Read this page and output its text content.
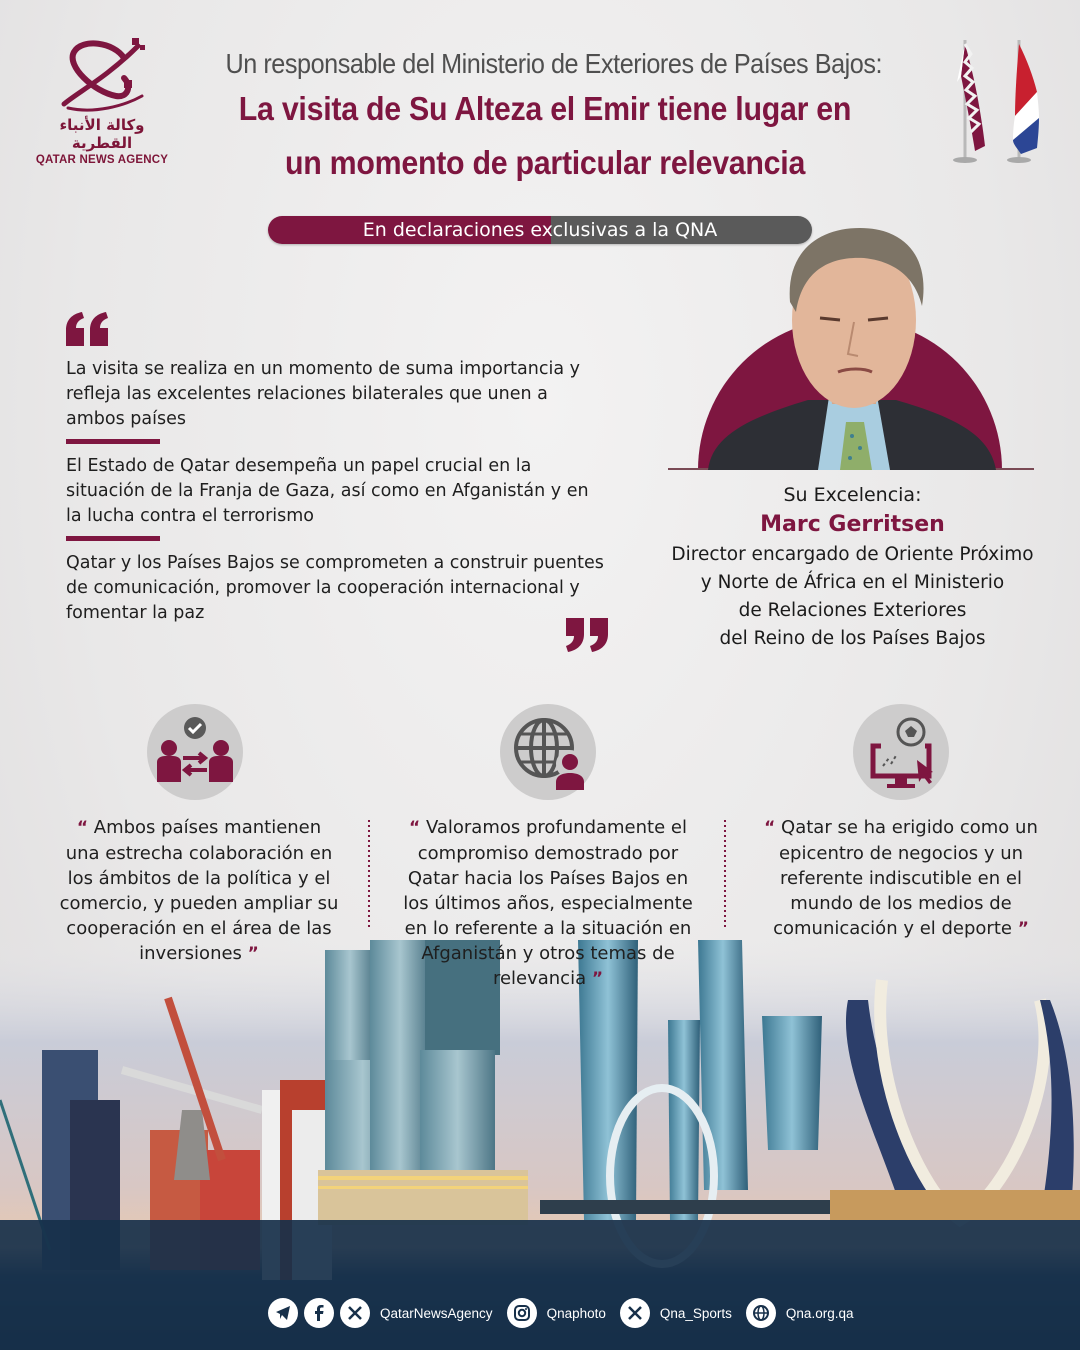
وكالة الأنباء القطرية
QATAR NEWS AGENCY
Un responsable del Ministerio de Exteriores de Países Bajos:
La visita de Su Alteza el Emir tiene lugar en
un momento de particular relevancia
En declaraciones exclusivas a la QNA
La visita se realiza en un momento de suma importancia y refleja las excelentes relaciones bilaterales que unen a ambos países
El Estado de Qatar desempeña un papel crucial en la situación de la Franja de Gaza, así como en Afganistán y en la lucha contra el terrorismo
Qatar y los Países Bajos se comprometen a construir puentes de comunicación, promover la cooperación internacional y fomentar la paz
Su Excelencia:
Marc Gerritsen
Director encargado de Oriente Próximo
y Norte de África en el Ministerio
de Relaciones Exteriores
del Reino de los Países Bajos
“ Ambos países mantienen una estrecha colaboración en los ámbitos de la política y el comercio, y pueden ampliar su cooperación en el área de las inversiones ”
“ Valoramos profundamente el compromiso demostrado por Qatar hacia los Países Bajos en los últimos años, especialmente en lo referente a la situación en Afganistán y otros temas de relevancia ”
“ Qatar se ha erigido como un epicentro de negocios y un referente indiscutible en el mundo de los medios de comunicación y el deporte ”
QatarNewsAgency	Qnaphoto	Qna_Sports	Qna.org.qa
